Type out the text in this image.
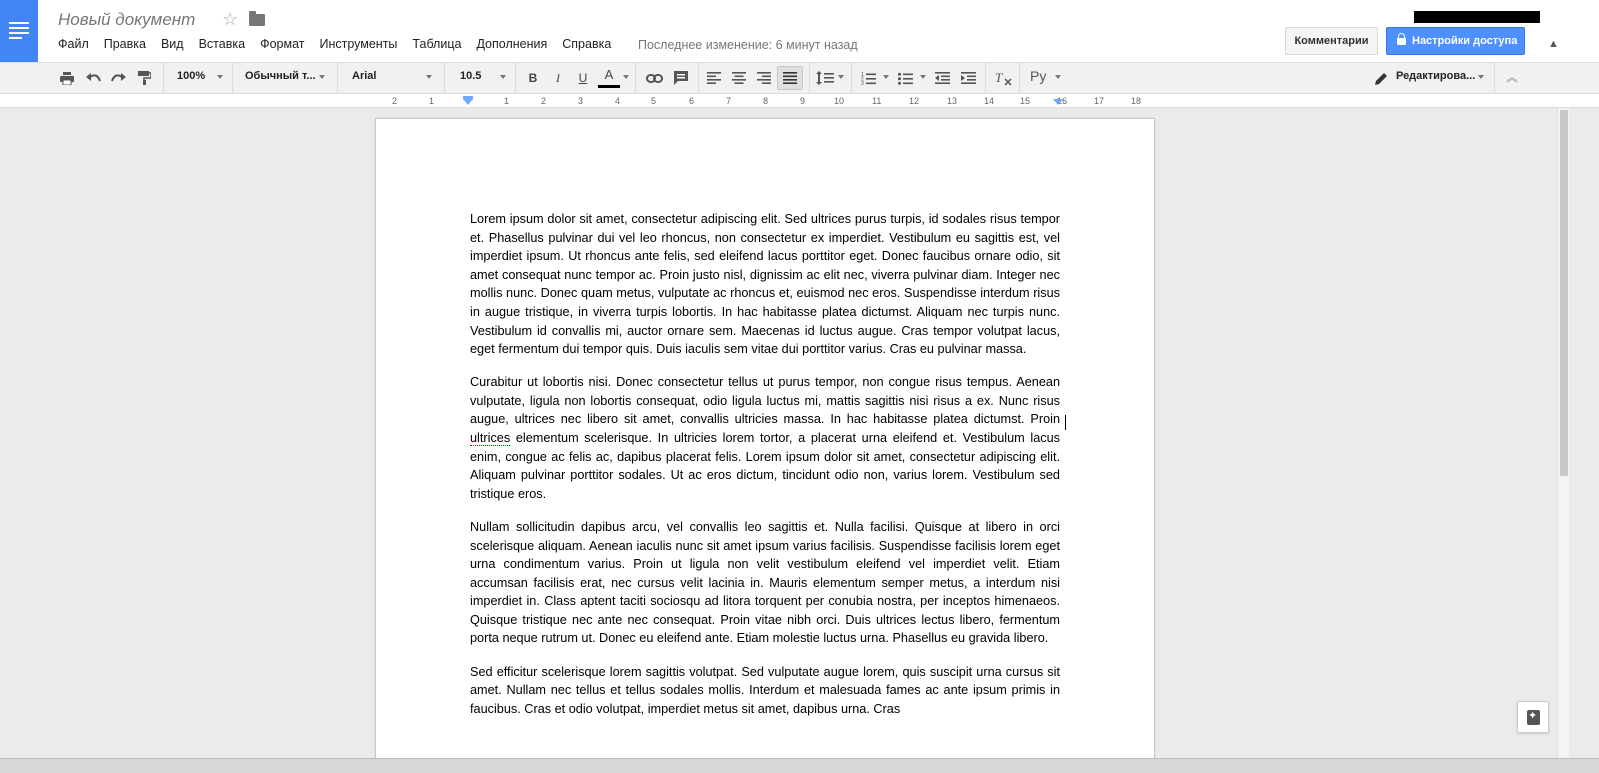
Новый документ ☆
Файл Правка Вид Вставка Формат Инструменты Таблица Дополнения Справка Последнее изменение: 6 минут назад	Комментарии	Настройки доступа	▲
100%	Обычный т...	Arial	10.5	B	I	U	A	1
2
3	T Ру	Редактирова...	︽
2	1	1	2	3	4	5	6	7	8	9	10	11	12	13	14	15	16	17	18

Lorem ipsum dolor sit amet, consectetur adipiscing elit. Sed ultrices purus turpis, id sodales risus tempor et. Phasellus pulvinar dui vel leo rhoncus, non consectetur ex imperdiet. Vestibulum eu sagittis est, vel imperdiet ipsum. Ut rhoncus ante felis, sed eleifend lacus porttitor eget. Donec faucibus ornare odio, sit amet consequat nunc tempor ac. Proin justo nisl, dignissim ac elit nec, viverra pulvinar diam. Integer nec mollis nunc. Donec quam metus, vulputate ac rhoncus et, euismod nec eros. Suspendisse interdum risus in augue tristique, in viverra turpis lobortis. In hac habitasse platea dictumst. Aliquam nec turpis nunc. Vestibulum id convallis mi, auctor ornare sem. Maecenas id luctus augue. Cras tempor volutpat lacus, eget fermentum dui tempor quis. Duis iaculis sem vitae dui porttitor varius. Cras eu pulvinar massa.

Curabitur ut lobortis nisi. Donec consectetur tellus ut purus tempor, non congue risus tempus. Aenean vulputate, ligula non lobortis consequat, odio ligula luctus mi, mattis sagittis nisi risus a ex. Nunc risus augue, ultrices nec libero sit amet, convallis ultricies massa. In hac habitasse platea dictumst. Proin ultrices elementum scelerisque. In ultricies lorem tortor, a placerat urna eleifend et. Vestibulum lacus enim, congue ac felis ac, dapibus placerat felis. Lorem ipsum dolor sit amet, consectetur adipiscing elit. Aliquam pulvinar porttitor sodales. Ut ac eros dictum, tincidunt odio non, varius lorem. Vestibulum sed tristique eros.

Nullam sollicitudin dapibus arcu, vel convallis leo sagittis et. Nulla facilisi. Quisque at libero in orci scelerisque aliquam. Aenean iaculis nunc sit amet ipsum varius facilisis. Suspendisse facilisis lorem eget urna condimentum varius. Proin ut ligula non velit vestibulum eleifend vel imperdiet velit. Etiam accumsan facilisis erat, nec cursus velit lacinia in. Mauris elementum semper metus, a interdum nisi imperdiet in. Class aptent taciti sociosqu ad litora torquent per conubia nostra, per inceptos himenaeos. Quisque tristique nec ante nec consequat. Proin vitae nibh orci. Duis ultrices lectus libero, fermentum porta neque rutrum ut. Donec eu eleifend ante. Etiam molestie luctus urna. Phasellus eu gravida libero.

Sed efficitur scelerisque lorem sagittis volutpat. Sed vulputate augue lorem, quis suscipit urna cursus sit amet. Nullam nec tellus et tellus sodales mollis. Interdum et malesuada fames ac ante ipsum primis in faucibus. Cras et odio volutpat, imperdiet metus sit amet, dapibus urna. Cras

✦
